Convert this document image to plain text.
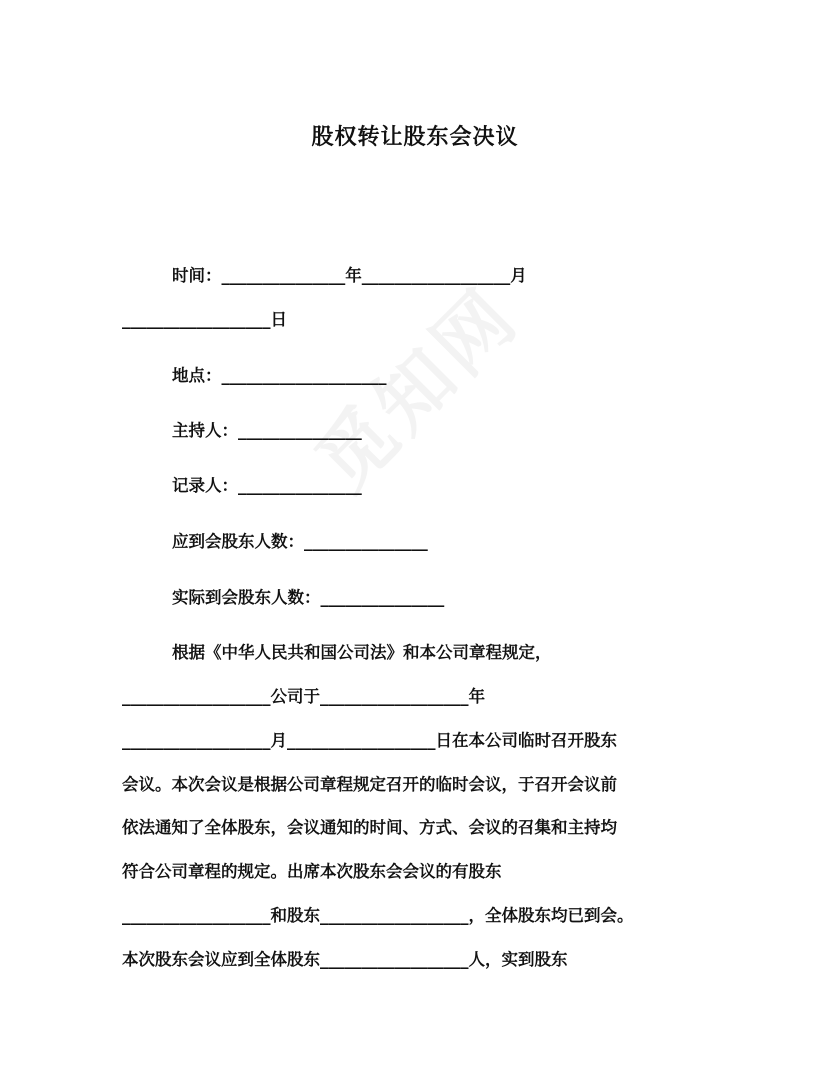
股权转让股东会决议
时间：_______________年__________________月
__________________日
地点：____________________
主持人：_______________
记录人：_______________
应到会股东人数：_______________
实际到会股东人数：_______________
根据《中华人民共和国公司法》和本公司章程规定，
__________________公司于__________________年
__________________月__________________日在本公司临时召开股东
会议。本次会议是根据公司章程规定召开的临时会议，于召开会议前
依法通知了全体股东，会议通知的时间、方式、会议的召集和主持均
符合公司章程的规定。出席本次股东会会议的有股东
__________________和股东__________________，全体股东均已到会。
本次股东会议应到全体股东__________________人，实到股东
